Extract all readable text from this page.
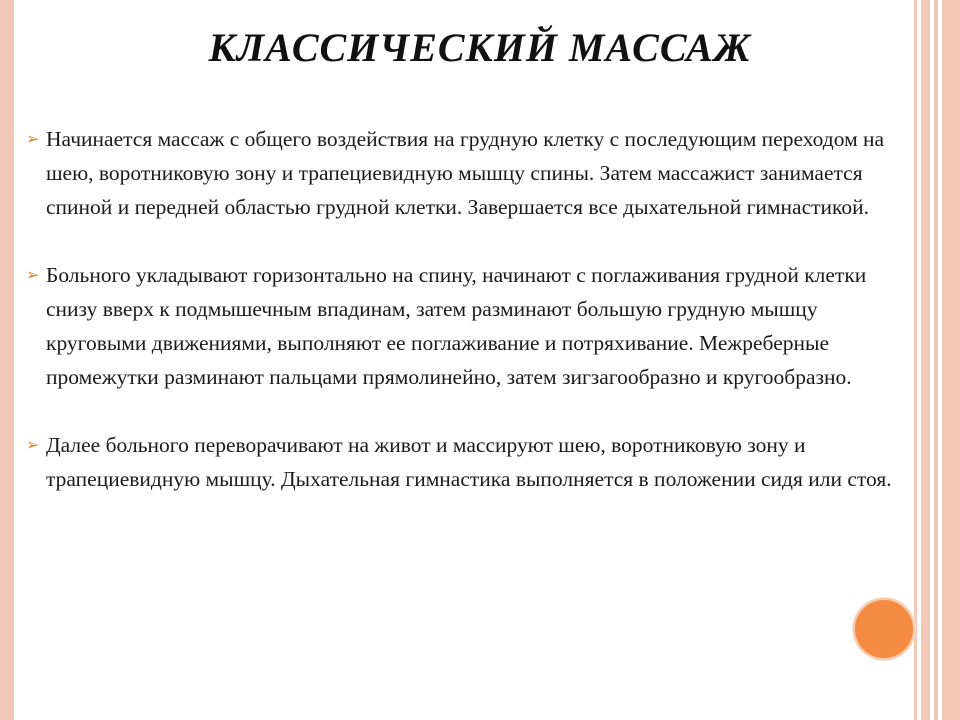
КЛАССИЧЕСКИЙ МАССАЖ
➢ Начинается массаж с общего воздействия на грудную клетку с последующим переходом на шею, воротниковую зону и трапециевидную мышцу спины. Затем массажист занимается спиной и передней областью грудной клетки. Завершается все дыхательной гимнастикой.
➢ Больного укладывают горизонтально на спину, начинают с поглаживания грудной клетки снизу вверх к подмышечным впадинам, затем разминают большую грудную мышцу круговыми движениями, выполняют ее поглаживание и потряхивание. Межреберные промежутки разминают пальцами прямолинейно, затем зигзагообразно и кругообразно.
➢ Далее больного переворачивают на живот и массируют шею, воротниковую зону и трапециевидную мышцу. Дыхательная гимнастика выполняется в положении сидя или стоя.
